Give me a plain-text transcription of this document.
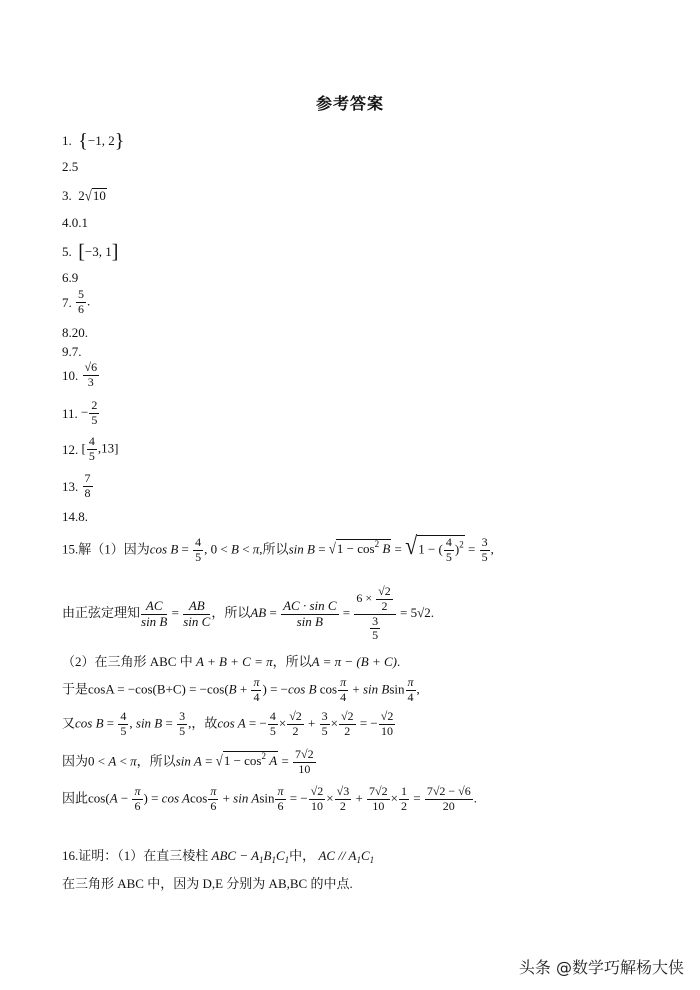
参考答案
1. {−1, 2}
2.5
3.  2√10
4.0.1
5. [−3, 1]
6.9
7. $\frac{5}{6}$ .
8.20.
9.7.
10. $\frac{√6}{3}$
11. − $\frac{2}{5}$
12. [ $\frac{4}{5} ,13$]
13. $\frac{7}{8}$
14.8.
15.解（1）因为$\cos B = \frac{4}{5}$ , 0 < B < π,所以$\sin B = √1 - \cos^2 B = √1$ − ( $\frac{4}{5} )^2 = \frac{3}{5}$ ,
由正弦定理知 $\frac{AC}{\text{sin B}} = \frac{AB}{\text{sin C}}$ ，所以AB = $\frac{\text{AC · sin C}}{\text{sin B}} = \frac{6 \times \frac{√2}{2}}{\frac{3}{5}} = 5√2$.
（2）在三角形 ABC 中 A + B + C = π，所以A = π − (B + C).
于是$\cos A = -\cos(B+C) = -\cos(B + \frac{\pi}{4}$ ) = −cos B $\cos \frac{\pi}{4} + \sin Bsin \frac{\pi}{4}$ ,
又$\cos B = \frac{4}{5}$ , $\sin B = \frac{3}{5}$ ,，故cos A = − $\frac{4}{5} \times \frac{√2}{2} + \frac{3}{5} \times \frac{√2}{2}$ = − $\frac{√2}{10}$
因为0 < A < π，所以$\sin A = √1 - \cos^2 A = \frac{7√2}{10}$
因此$\cos(A - \frac{\pi}{6}$ ) = cos Acos $\frac{\pi}{6} + \sin Asin \frac{\pi}{6}$ = − $\frac{√2}{10} \times \frac{√3}{2} + \frac{7√2}{10} \times \frac{1}{2} = \frac{7√2 - √6}{20}$ .
16.证明：（1）在直三棱柱 ABC − $A_1B_1C_1$中， AC // $A_1C_1$
在三角形 ABC 中，因为 D,E 分别为 AB,BC 的中点.
头条 @数学巧解杨大侠
